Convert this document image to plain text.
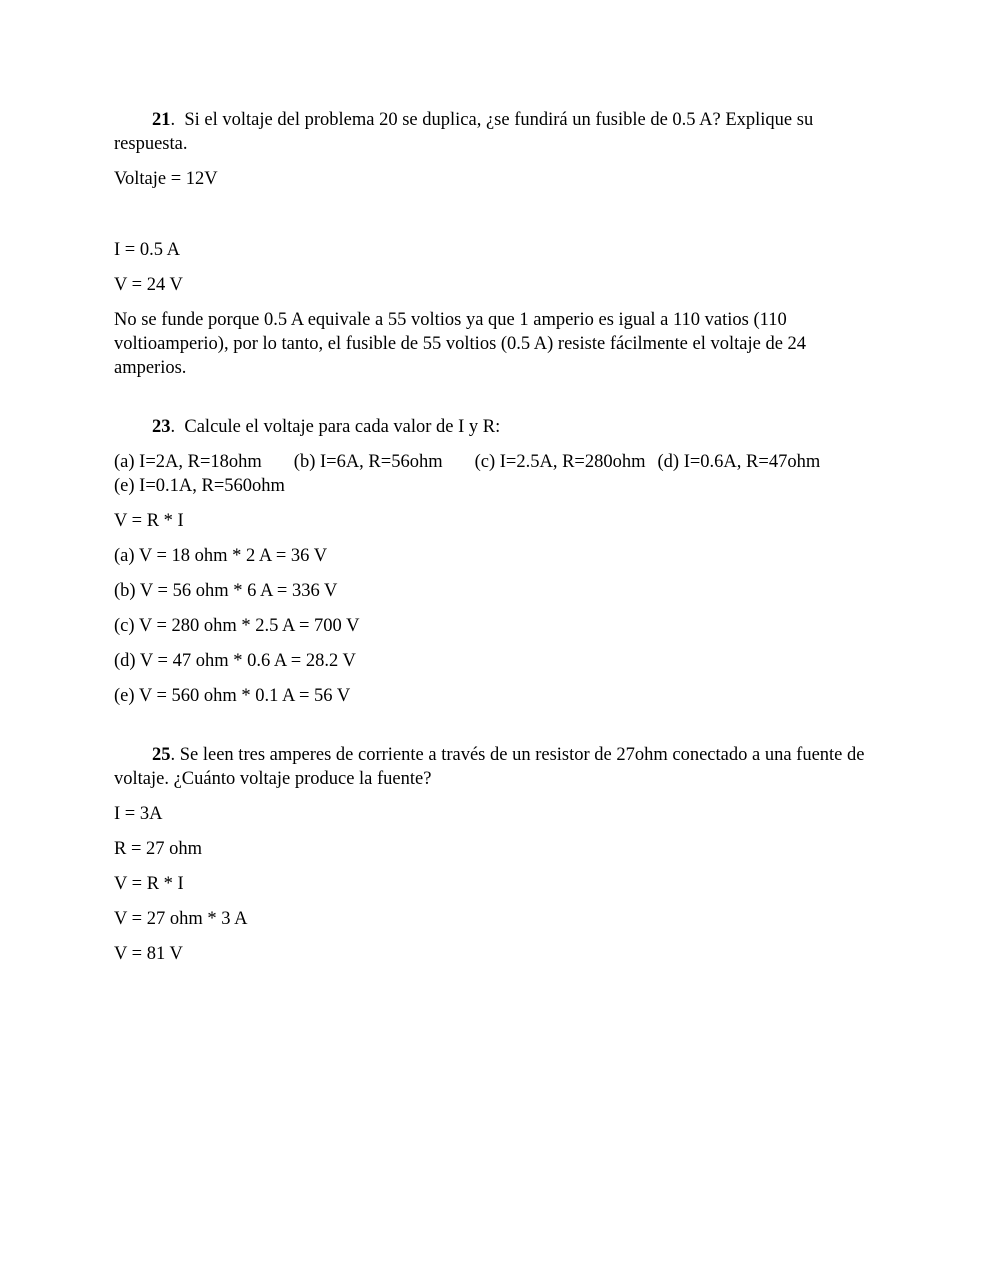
21.  Si el voltaje del problema 20 se duplica, ¿se fundirá un fusible de 0.5 A? Explique su respuesta.

Voltaje = 12V

I = 0.5 A

V = 24 V

No se funde porque 0.5 A equivale a 55 voltios ya que 1 amperio es igual a 110 vatios (110 voltioamperio), por lo tanto, el fusible de 55 voltios (0.5 A) resiste fácilmente el voltaje de 24 amperios.

23.  Calcule el voltaje para cada valor de I y R:

(a) I=2A, R=18ohm (b) I=6A, R=56ohm (c) I=2.5A, R=280ohm (d) I=0.6A, R=47ohm
(e) I=0.1A, R=560ohm

V = R * I

(a) V = 18 ohm * 2 A = 36 V

(b) V = 56 ohm * 6 A = 336 V

(c) V = 280 ohm * 2.5 A = 700 V

(d) V = 47 ohm * 0.6 A = 28.2 V

(e) V = 560 ohm * 0.1 A = 56 V

25. Se leen tres amperes de corriente a través de un resistor de 27ohm conectado a una fuente de voltaje. ¿Cuánto voltaje produce la fuente?

I = 3A

R = 27 ohm

V = R * I

V = 27 ohm * 3 A

V = 81 V
